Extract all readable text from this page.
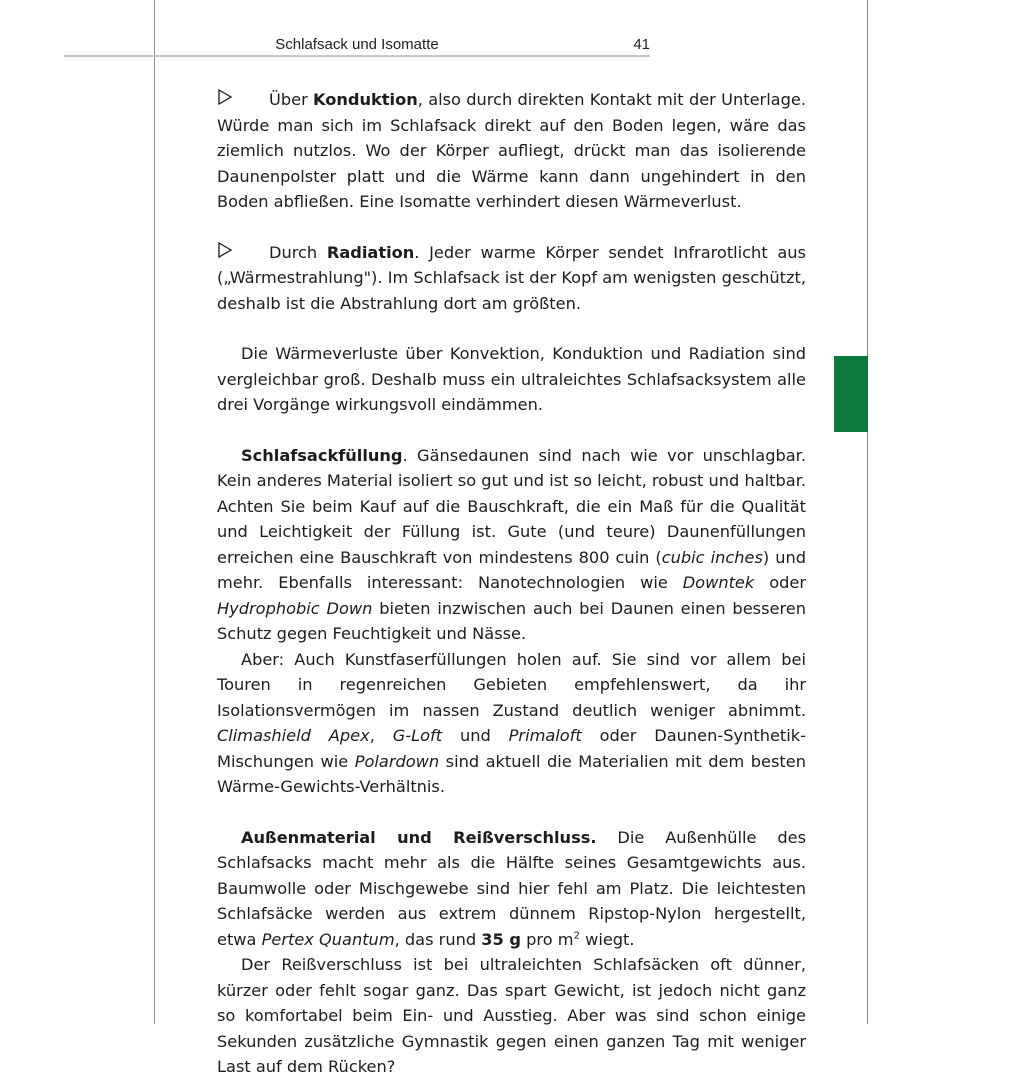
Schlafsack und Isomatte	41

Über Konduktion, also durch direkten Kontakt mit der Unterlage. Würde man sich im Schlafsack direkt auf den Boden legen, wäre das ziemlich nutzlos. Wo der Körper aufliegt, drückt man das isolierende Daunenpolster platt und die Wärme kann dann ungehindert in den Boden abfließen. Eine Isomatte verhindert diesen Wärmeverlust.

Durch Radiation. Jeder warme Körper sendet Infrarotlicht aus („Wärmestrahlung"). Im Schlafsack ist der Kopf am wenigsten geschützt, deshalb ist die Abstrahlung dort am größten.

Die Wärmeverluste über Konvektion, Konduktion und Radiation sind vergleichbar groß. Deshalb muss ein ultraleichtes Schlafsacksystem alle drei Vorgänge wirkungsvoll eindämmen.

Schlafsackfüllung. Gänsedaunen sind nach wie vor unschlagbar. Kein anderes Material isoliert so gut und ist so leicht, robust und haltbar. Achten Sie beim Kauf auf die Bauschkraft, die ein Maß für die Qualität und Leichtigkeit der Füllung ist. Gute (und teure) Daunenfüllungen erreichen eine Bauschkraft von mindestens 800 cuin (cubic inches) und mehr. Ebenfalls interessant: Nanotechnologien wie Downtek oder Hydrophobic Down bieten inzwischen auch bei Daunen einen besseren Schutz gegen Feuchtigkeit und Nässe.

Aber: Auch Kunstfaserfüllungen holen auf. Sie sind vor allem bei Touren in regenreichen Gebieten empfehlenswert, da ihr Isolationsvermögen im nassen Zustand deutlich weniger abnimmt. Climashield Apex, G-Loft und Primaloft oder Daunen-Synthetik-Mischungen wie Polardown sind aktuell die Materialien mit dem besten Wärme-Gewichts-Verhältnis.

Außenmaterial und Reißverschluss. Die Außenhülle des Schlafsacks macht mehr als die Hälfte seines Gesamtgewichts aus. Baumwolle oder Mischgewebe sind hier fehl am Platz. Die leichtesten Schlafsäcke werden aus extrem dünnem Ripstop-Nylon hergestellt, etwa Pertex Quantum, das rund 35 g pro $m^2$ wiegt.

Der Reißverschluss ist bei ultraleichten Schlafsäcken oft dünner, kürzer oder fehlt sogar ganz. Das spart Gewicht, ist jedoch nicht ganz so komfortabel beim Ein- und Ausstieg. Aber was sind schon einige Sekunden zusätzliche Gymnastik gegen einen ganzen Tag mit weniger Last auf dem Rücken?
